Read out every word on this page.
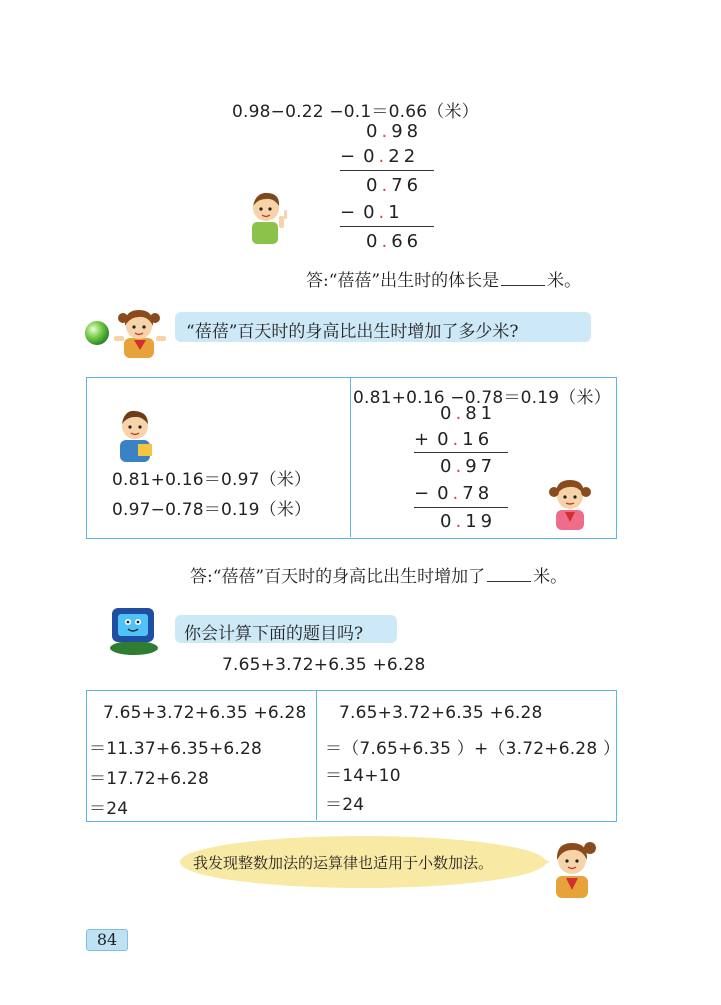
0.98−0.22 −0.1＝0.66（米）
0.98
− 0.22
0.76
− 0.1
0.66
答:“蓓蓓”出生时的体长是	米。
“蓓蓓”百天时的身高比出生时增加了多少米?
0.81+0.16＝0.97（米）
0.97−0.78＝0.19（米）
0.81+0.16 −0.78＝0.19（米）
0.81
+ 0.16
0.97
− 0.78
0.19
答:“蓓蓓”百天时的身高比出生时增加了	米。
你会计算下面的题目吗?
7.65+3.72+6.35 +6.28
7.65+3.72+6.35 +6.28
＝11.37+6.35+6.28
＝17.72+6.28
＝24
7.65+3.72+6.35 +6.28
＝（7.65+6.35 ）+（3.72+6.28 ）
＝14+10
＝24
我发现整数加法的运算律也适用于小数加法。
84
